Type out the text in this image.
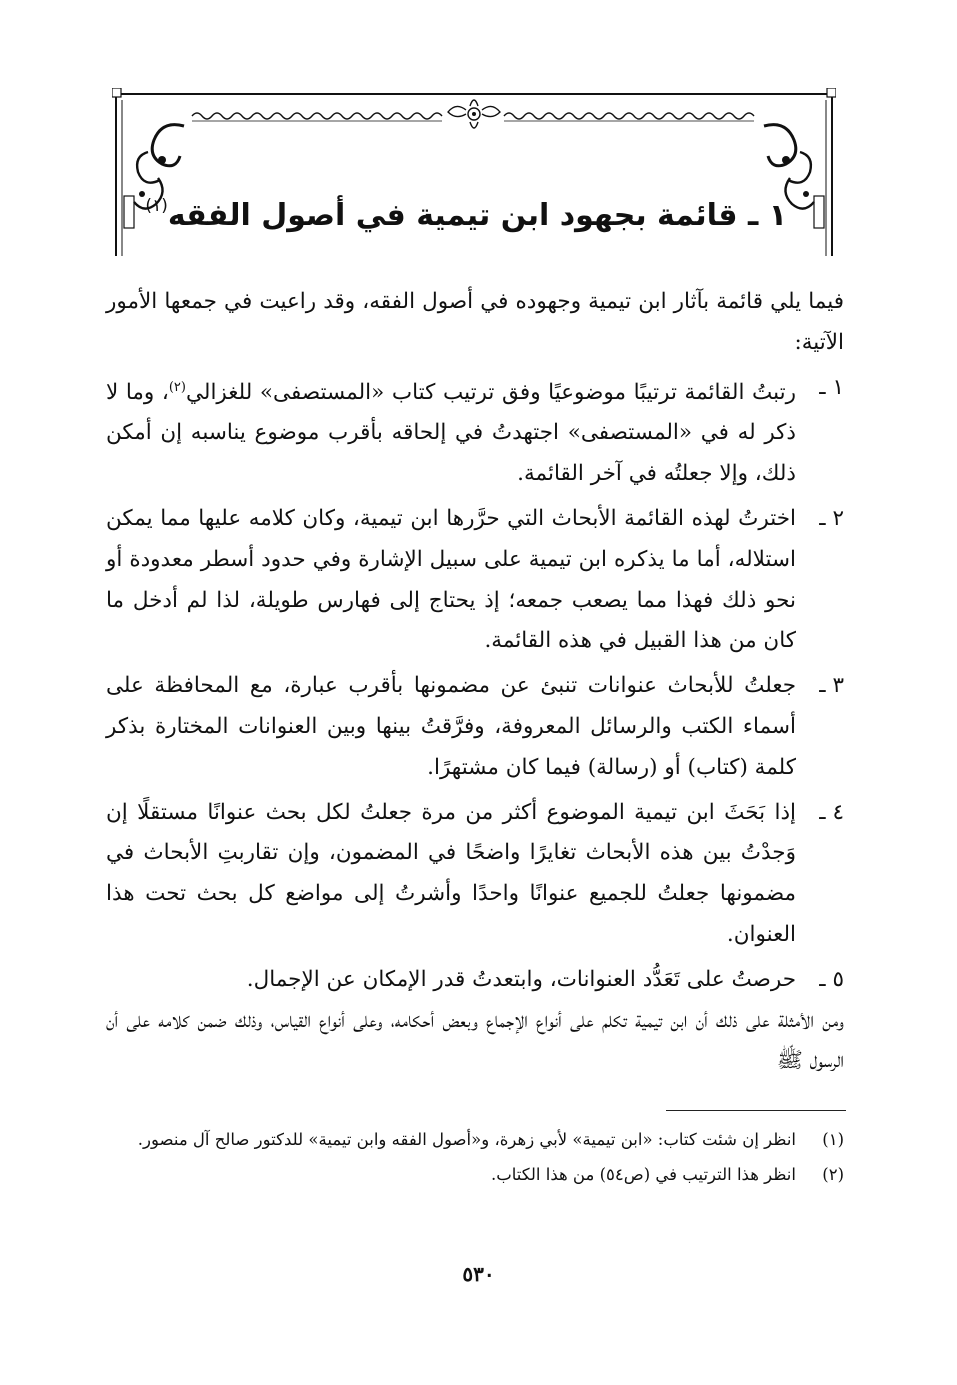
١ ـ قائمة بجهود ابن تيمية في أصول الفقه$^{(١)}$

فيما يلي قائمة بآثار ابن تيمية وجهوده في أصول الفقه، وقد راعيت في جمعها الأمور الآتية:

١ ـ
رتبتُ القائمة ترتيبًا موضوعيًا وفق ترتيب كتاب «المستصفى» للغزالي$^{(٢)}$، وما لا ذكر له في «المستصفى» اجتهدتُ في إلحاقه بأقرب موضوع يناسبه إن أمكن ذلك، وإلا جعلتُه في آخر القائمة.
٢ ـ
اخترتُ لهذه القائمة الأبحاث التي حرَّرها ابن تيمية، وكان كلامه عليها مما يمكن استلاله، أما ما يذكره ابن تيمية على سبيل الإشارة وفي حدود أسطر معدودة أو نحو ذلك فهذا مما يصعب جمعه؛ إذ يحتاج إلى فهارس طويلة، لذا لم أدخل ما كان من هذا القبيل في هذه القائمة.
٣ ـ
جعلتُ للأبحاث عنوانات تنبئ عن مضمونها بأقرب عبارة، مع المحافظة على أسماء الكتب والرسائل المعروفة، وفرَّقتُ بينها وبين العنوانات المختارة بذكر كلمة (كتاب) أو (رسالة) فيما كان مشتهرًا.
٤ ـ
إذا بَحَثَ ابن تيمية الموضوع أكثر من مرة جعلتُ لكل بحث عنوانًا مستقلًا إن وَجدْتُ بين هذه الأبحاث تغايرًا واضحًا في المضمون، وإن تقاربتِ الأبحاث في مضمونها جعلتُ للجميع عنوانًا واحدًا وأشرتُ إلى مواضع كل بحث تحت هذا العنوان.
٥ ـ
حرصتُ على تَعَدُّد العنوانات، وابتعدتُ قدر الإمكان عن الإجمال.

ومن الأمثلة على ذلك أن ابن تيمية تكلم على أنواع الإجماع وبعض أحكامه، وعلى أنواع القياس، وذلك ضمن كلامه على أن الرسول ﷺ

(١)
انظر إن شئت كتاب: «ابن تيمية» لأبي زهرة، و«أصول الفقه وابن تيمية» للدكتور صالح آل منصور.
(٢)
انظر هذا الترتيب في (ص٥٤) من هذا الكتاب.
٥٣٠
